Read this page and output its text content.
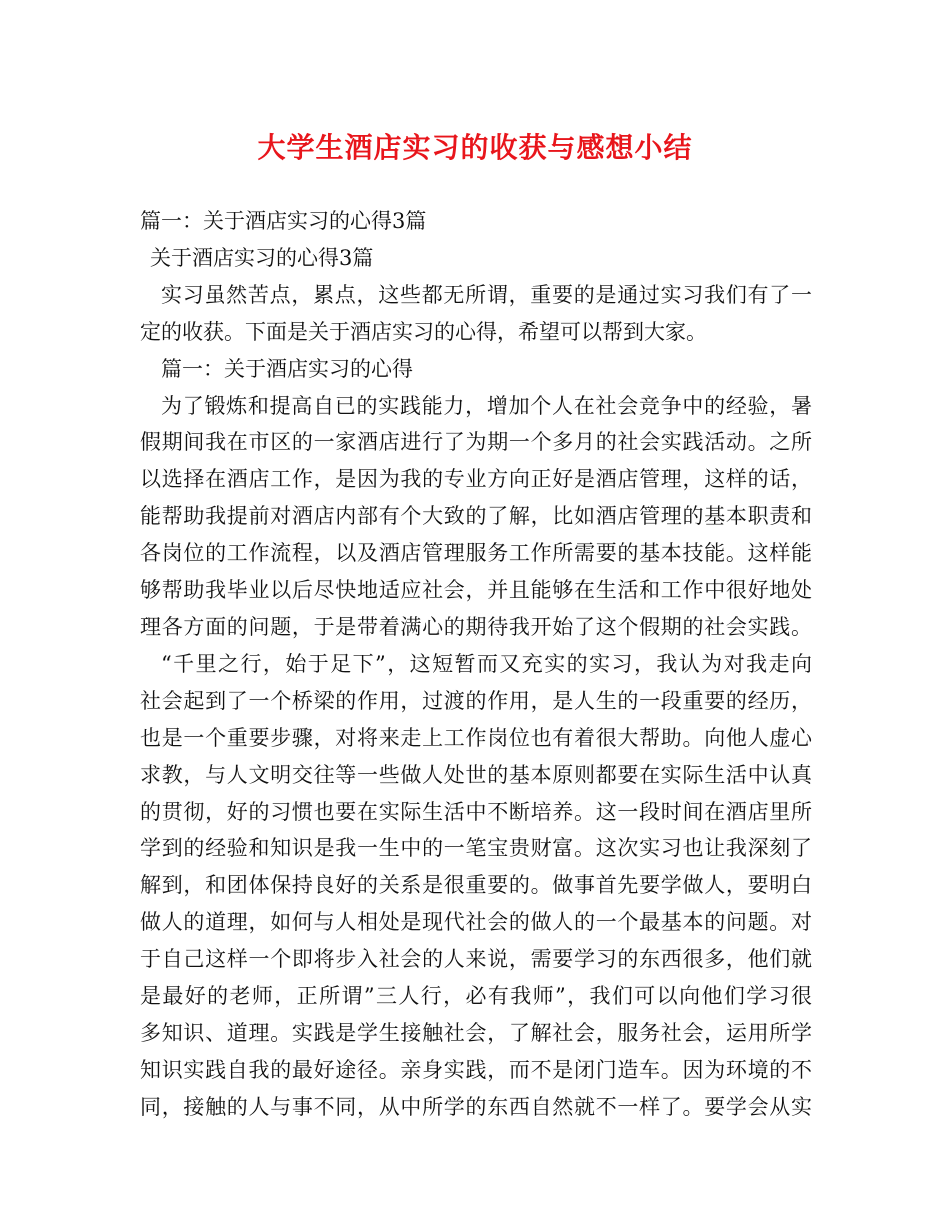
大学生酒店实习的收获与感想小结
篇一：关于酒店实习的心得3篇
关于酒店实习的心得3篇
实习虽然苦点，累点，这些都无所谓，重要的是通过实习我们有了一
定的收获。下面是关于酒店实习的心得，希望可以帮到大家。
篇一：关于酒店实习的心得
为了锻炼和提高自已的实践能力，增加个人在社会竞争中的经验，暑
假期间我在市区的一家酒店进行了为期一个多月的社会实践活动。之所
以选择在酒店工作，是因为我的专业方向正好是酒店管理，这样的话，
能帮助我提前对酒店内部有个大致的了解，比如酒店管理的基本职责和
各岗位的工作流程，以及酒店管理服务工作所需要的基本技能。这样能
够帮助我毕业以后尽快地适应社会，并且能够在生活和工作中很好地处
理各方面的问题，于是带着满心的期待我开始了这个假期的社会实践。
“千里之行，始于足下”，这短暂而又充实的实习，我认为对我走向
社会起到了一个桥梁的作用，过渡的作用，是人生的一段重要的经历，
也是一个重要步骤，对将来走上工作岗位也有着很大帮助。向他人虚心
求教，与人文明交往等一些做人处世的基本原则都要在实际生活中认真
的贯彻，好的习惯也要在实际生活中不断培养。这一段时间在酒店里所
学到的经验和知识是我一生中的一笔宝贵财富。这次实习也让我深刻了
解到，和团体保持良好的关系是很重要的。做事首先要学做人，要明白
做人的道理，如何与人相处是现代社会的做人的一个最基本的问题。对
于自己这样一个即将步入社会的人来说，需要学习的东西很多，他们就
是最好的老师，正所谓”三人行，必有我师”，我们可以向他们学习很
多知识、道理。实践是学生接触社会，了解社会，服务社会，运用所学
知识实践自我的最好途径。亲身实践，而不是闭门造车。因为环境的不
同，接触的人与事不同，从中所学的东西自然就不一样了。要学会从实
